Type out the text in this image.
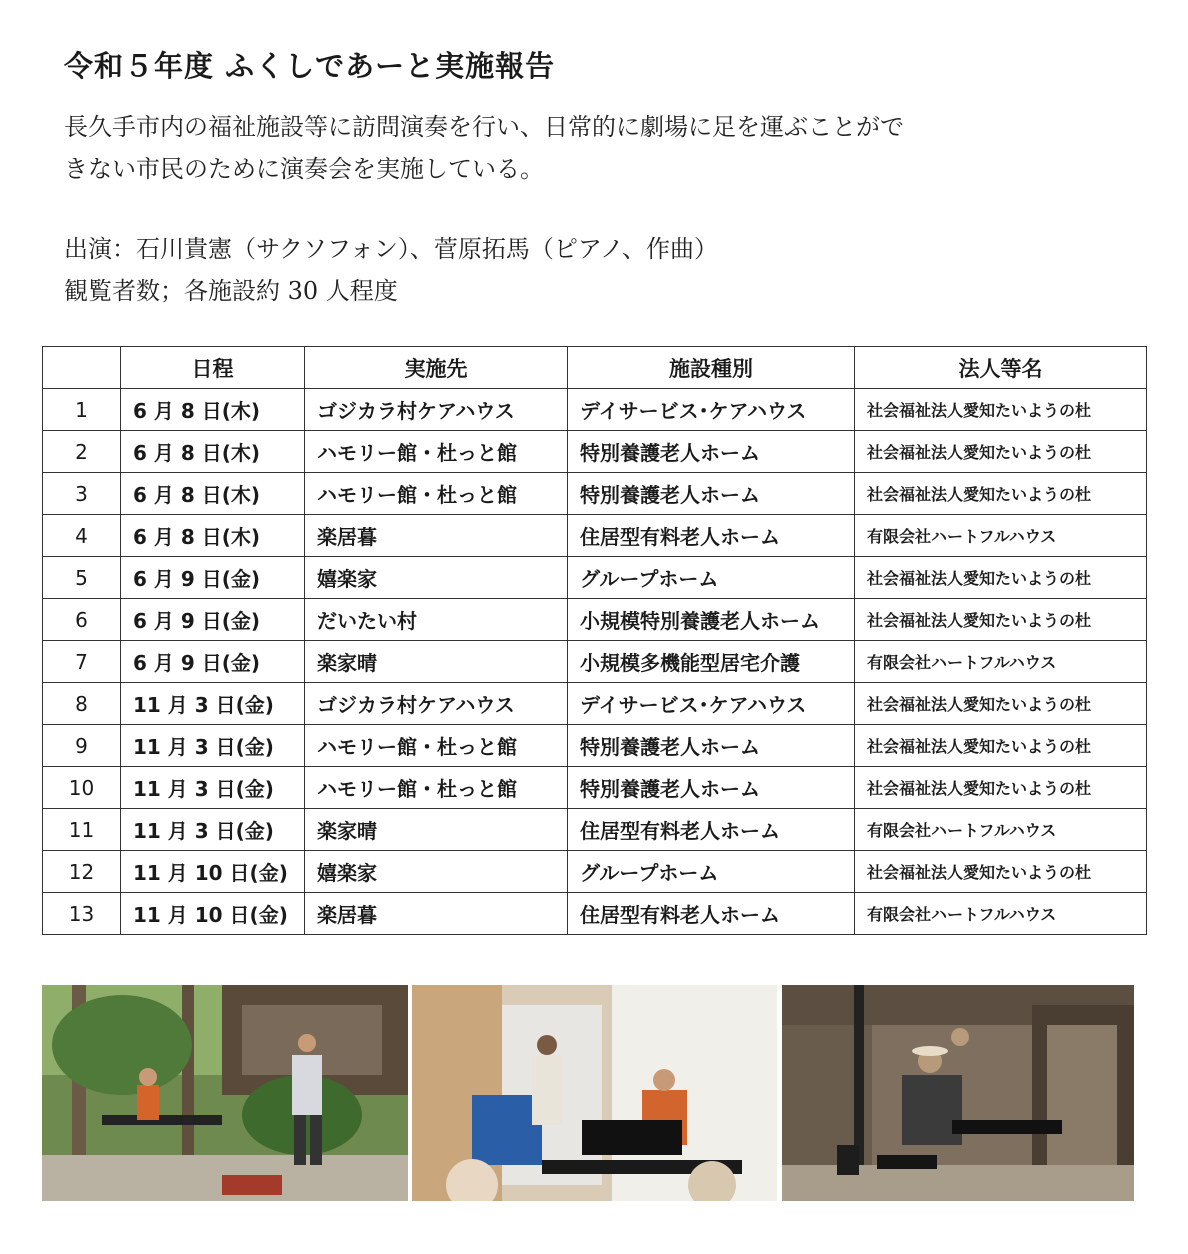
令和５年度 ふくしであーと実施報告
長久手市内の福祉施設等に訪問演奏を行い、日常的に劇場に足を運ぶことがで
きない市民のために演奏会を実施している。
出演：石川貴憲（サクソフォン）、菅原拓馬（ピアノ、作曲）
観覧者数；各施設約 30 人程度
	日程	実施先	施設種別	法人等名
1	6 月 8 日(木)	ゴジカラ村ケアハウス	デイサービス･ケアハウス	社会福祉法人愛知たいようの杜
2	6 月 8 日(木)	ハモリー館・杜っと館	特別養護老人ホーム	社会福祉法人愛知たいようの杜
3	6 月 8 日(木)	ハモリー館・杜っと館	特別養護老人ホーム	社会福祉法人愛知たいようの杜
4	6 月 8 日(木)	楽居暮	住居型有料老人ホーム	有限会社ハートフルハウス
5	6 月 9 日(金)	嬉楽家	グループホーム	社会福祉法人愛知たいようの杜
6	6 月 9 日(金)	だいたい村	小規模特別養護老人ホーム	社会福祉法人愛知たいようの杜
7	6 月 9 日(金)	楽家晴	小規模多機能型居宅介護	有限会社ハートフルハウス
8	11 月 3 日(金)	ゴジカラ村ケアハウス	デイサービス･ケアハウス	社会福祉法人愛知たいようの杜
9	11 月 3 日(金)	ハモリー館・杜っと館	特別養護老人ホーム	社会福祉法人愛知たいようの杜
10	11 月 3 日(金)	ハモリー館・杜っと館	特別養護老人ホーム	社会福祉法人愛知たいようの杜
11	11 月 3 日(金)	楽家晴	住居型有料老人ホーム	有限会社ハートフルハウス
12	11 月 10 日(金)	嬉楽家	グループホーム	社会福祉法人愛知たいようの杜
13	11 月 10 日(金)	楽居暮	住居型有料老人ホーム	有限会社ハートフルハウス
